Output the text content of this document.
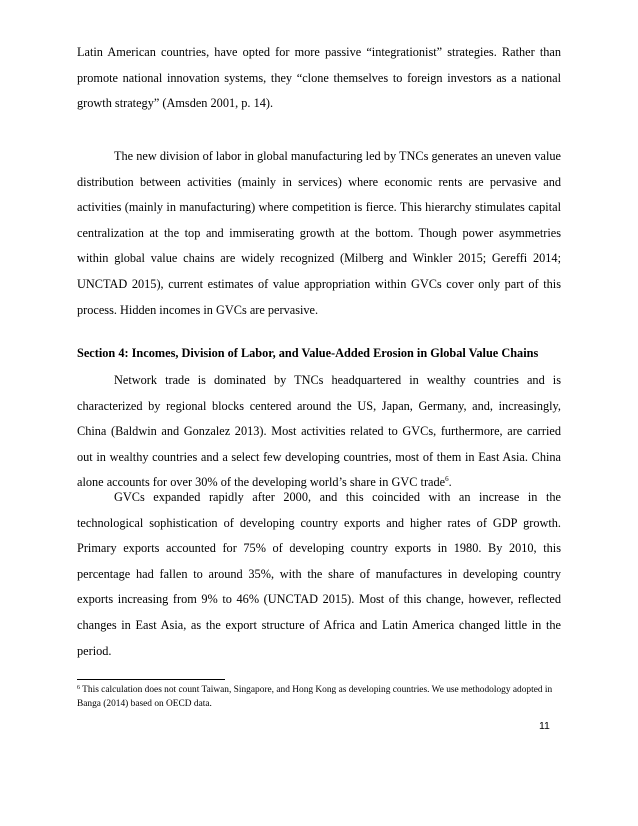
Latin American countries, have opted for more passive “integrationist” strategies. Rather than promote national innovation systems, they “clone themselves to foreign investors as a national growth strategy” (Amsden 2001, p. 14).

The new division of labor in global manufacturing led by TNCs generates an uneven value distribution between activities (mainly in services) where economic rents are pervasive and activities (mainly in manufacturing) where competition is fierce. This hierarchy stimulates capital centralization at the top and immiserating growth at the bottom. Though power asymmetries within global value chains are widely recognized (Milberg and Winkler 2015; Gereffi 2014; UNCTAD 2015), current estimates of value appropriation within GVCs cover only part of this process. Hidden incomes in GVCs are pervasive.

Section 4: Incomes, Division of Labor, and Value-Added Erosion in Global Value Chains

Network trade is dominated by TNCs headquartered in wealthy countries and is characterized by regional blocks centered around the US, Japan, Germany, and, increasingly, China (Baldwin and Gonzalez 2013). Most activities related to GVCs, furthermore, are carried out in wealthy countries and a select few developing countries, most of them in East Asia. China alone accounts for over 30% of the developing world’s share in GVC trade$^6$.

GVCs expanded rapidly after 2000, and this coincided with an increase in the technological sophistication of developing country exports and higher rates of GDP growth. Primary exports accounted for 75% of developing country exports in 1980. By 2010, this percentage had fallen to around 35%, with the share of manufactures in developing country exports increasing from 9% to 46% (UNCTAD 2015). Most of this change, however, reflected changes in East Asia, as the export structure of Africa and Latin America changed little in the period.

$^6$ This calculation does not count Taiwan, Singapore, and Hong Kong as developing countries. We use methodology adopted in Banga (2014) based on OECD data.

11
